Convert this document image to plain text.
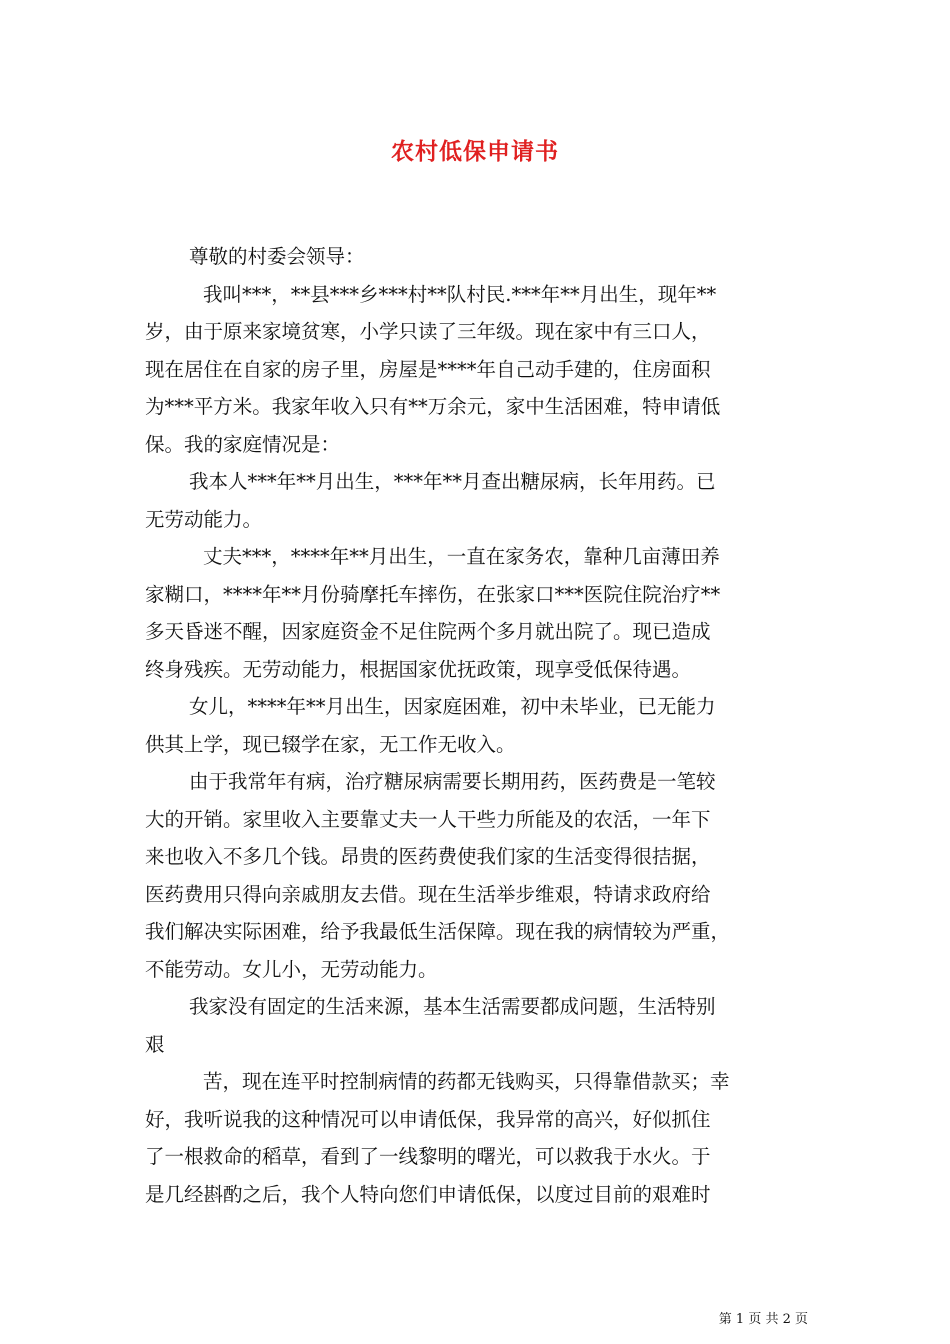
农村低保申请书
尊敬的村委会领导：
我叫***，**县***乡***村**队村民.***年**月出生，现年**
岁，由于原来家境贫寒，小学只读了三年级。现在家中有三口人，
现在居住在自家的房子里，房屋是****年自己动手建的，住房面积
为***平方米。我家年收入只有**万余元，家中生活困难，特申请低
保。我的家庭情况是：
我本人***年**月出生，***年**月查出糖尿病，长年用药。已
无劳动能力。
丈夫***，****年**月出生，一直在家务农，靠种几亩薄田养
家糊口，****年**月份骑摩托车摔伤，在张家口***医院住院治疗**
多天昏迷不醒，因家庭资金不足住院两个多月就出院了。现已造成
终身残疾。无劳动能力，根据国家优抚政策，现享受低保待遇。
女儿，****年**月出生，因家庭困难，初中未毕业，已无能力
供其上学，现已辍学在家，无工作无收入。
由于我常年有病，治疗糖尿病需要长期用药，医药费是一笔较
大的开销。家里收入主要靠丈夫一人干些力所能及的农活，一年下
来也收入不多几个钱。昂贵的医药费使我们家的生活变得很拮据，
医药费用只得向亲戚朋友去借。现在生活举步维艰，特请求政府给
我们解决实际困难，给予我最低生活保障。现在我的病情较为严重，
不能劳动。女儿小，无劳动能力。
我家没有固定的生活来源，基本生活需要都成问题，生活特别
艰
苦，现在连平时控制病情的药都无钱购买，只得靠借款买；幸
好，我听说我的这种情况可以申请低保，我异常的高兴，好似抓住
了一根救命的稻草，看到了一线黎明的曙光，可以救我于水火。于
是几经斟酌之后，我个人特向您们申请低保，以度过目前的艰难时
第 1 页 共 2 页
